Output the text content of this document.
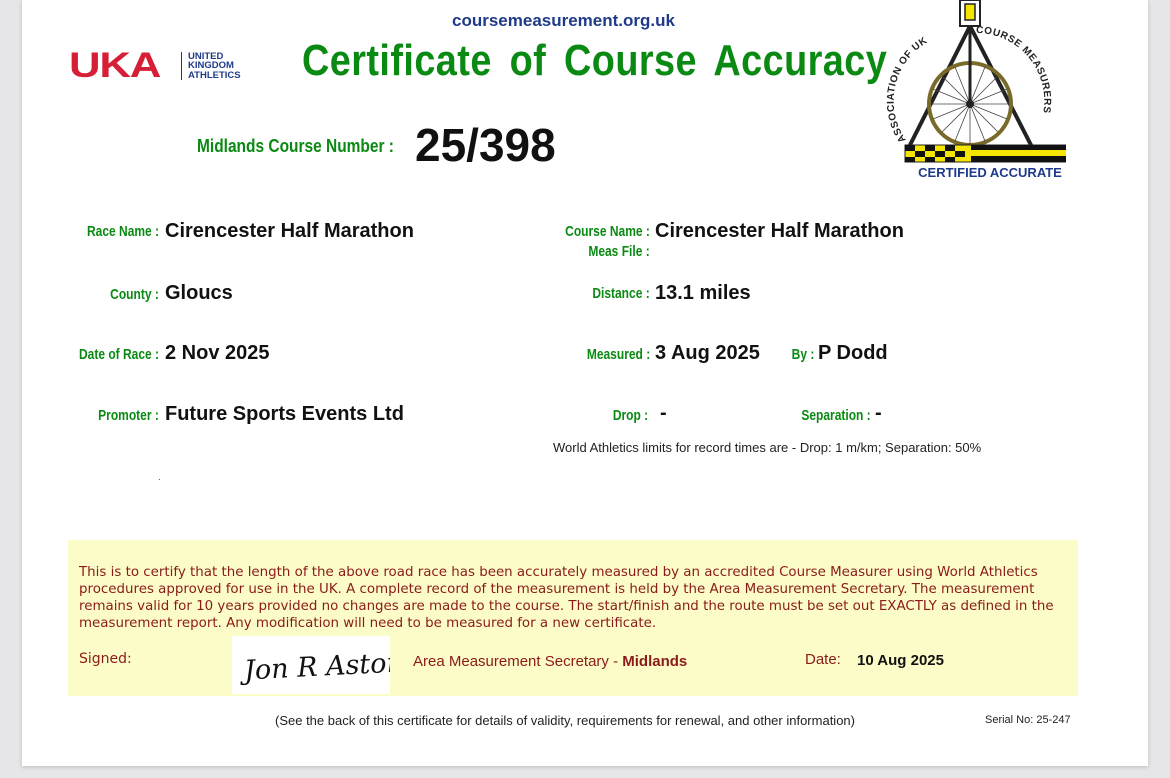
coursemeasurement.org.uk
Certificate of Course Accuracy
UKA	UNITED
KINGDOM
ATHLETICS
ASSOCIATION OF UK
COURSE MEASURERS
CERTIFIED ACCURATE
Midlands Course Number : 25/398
Race Name : Cirencester Half Marathon
County : Gloucs
Date of Race : 2 Nov 2025
Promoter : Future Sports Events Ltd
Course Name : Cirencester Half Marathon
Meas File :
Distance : 13.1 miles
Measured : 3 Aug 2025 By : P Dodd
Drop : -	Separation : -
World Athletics limits for record times are - Drop: 1 m/km; Separation: 50%
.
This is to certify that the length of the above road race has been accurately measured by an accredited Course Measurer using World Athletics procedures approved for use in the UK. A complete record of the measurement is held by the Area Measurement Secretary. The measurement remains valid for 10 years provided no changes are made to the course. The start/finish and the route must be set out EXACTLY as defined in the measurement report. Any modification will need to be measured for a new certificate.
Signed:	Jon R Aston Area Measurement Secretary - Midlands	Date: 10 Aug 2025
(See the back of this certificate for details of validity, requirements for renewal, and other information)	Serial No: 25-247
